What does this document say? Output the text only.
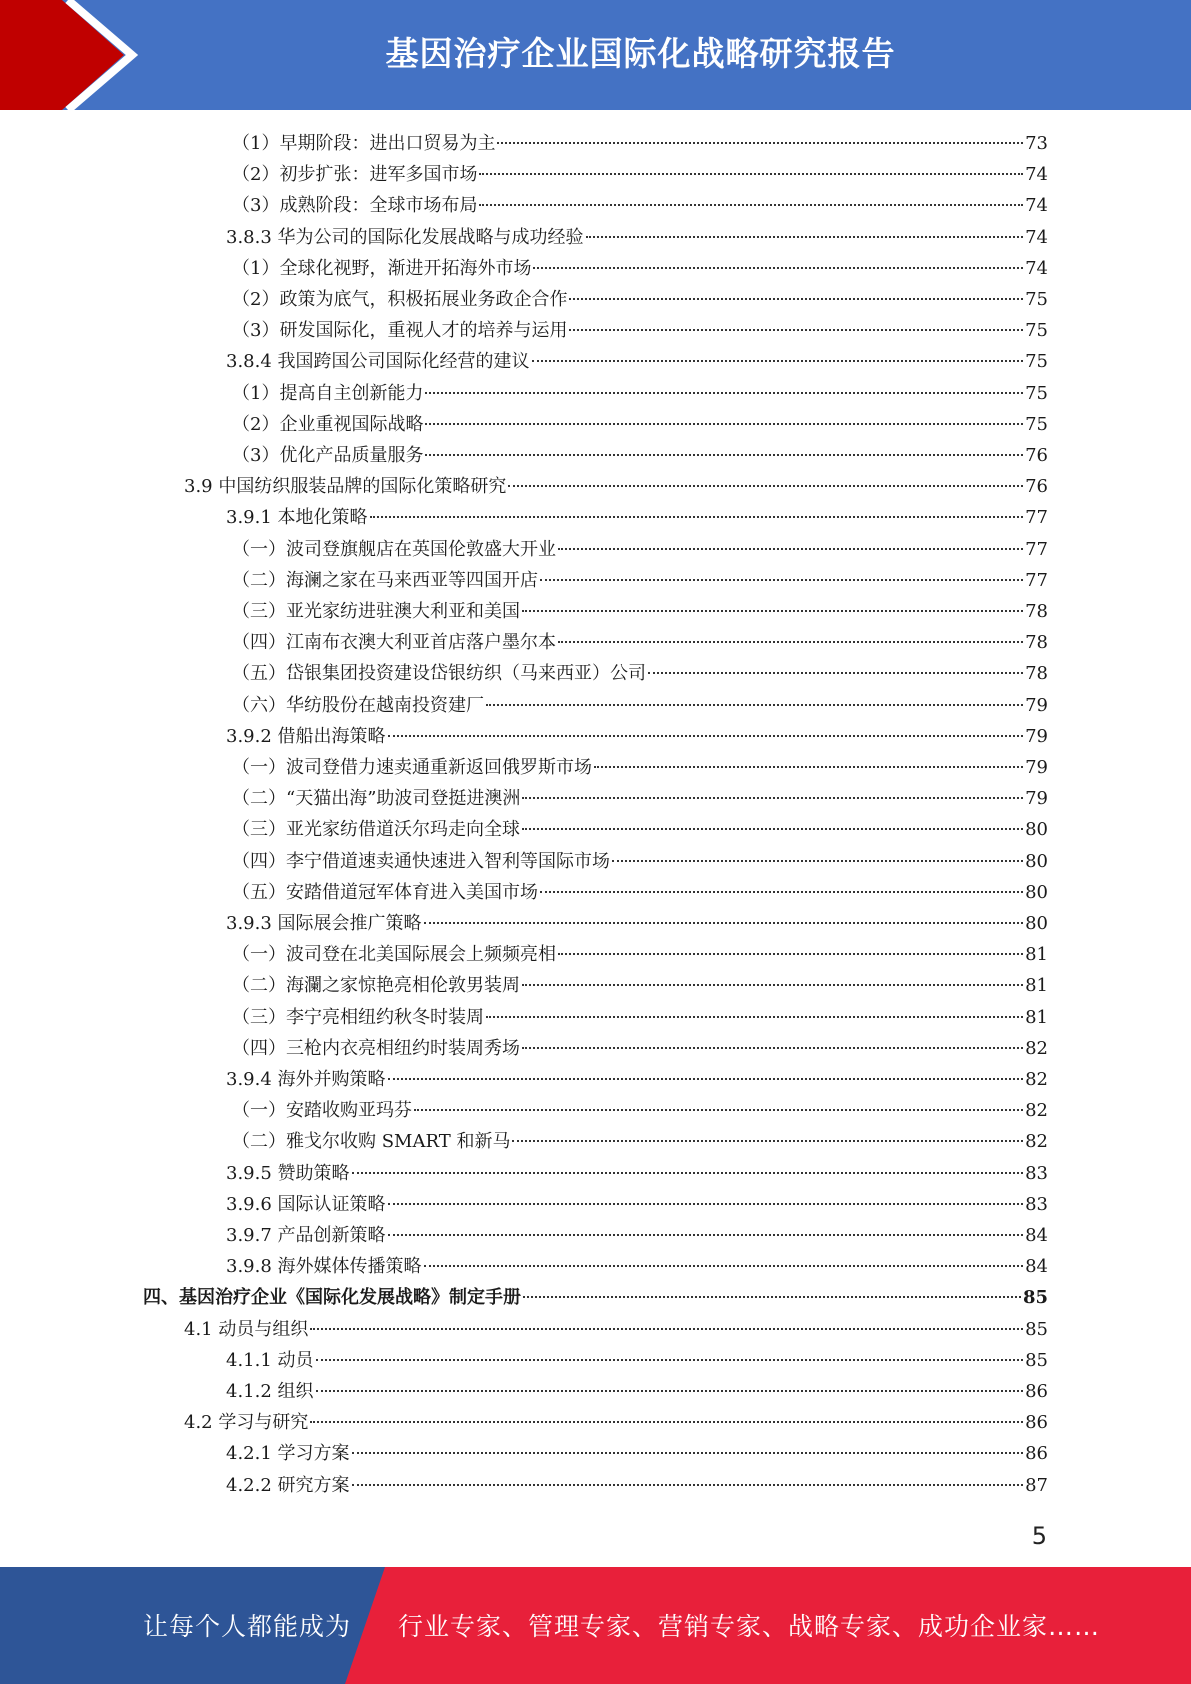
基因治疗企业国际化战略研究报告
（1）早期阶段：进出口贸易为主	73
（2）初步扩张：进军多国市场	74
（3）成熟阶段：全球市场布局	74
3.8.3 华为公司的国际化发展战略与成功经验	74
（1）全球化视野，渐进开拓海外市场	74
（2）政策为底气，积极拓展业务政企合作	75
（3）研发国际化，重视人才的培养与运用	75
3.8.4 我国跨国公司国际化经营的建议	75
（1）提高自主创新能力	75
（2）企业重视国际战略	75
（3）优化产品质量服务	76
3.9 中国纺织服装品牌的国际化策略研究	76
3.9.1 本地化策略	77
（一）波司登旗舰店在英国伦敦盛大开业	77
（二）海澜之家在马来西亚等四国开店	77
（三）亚光家纺进驻澳大利亚和美国	78
（四）江南布衣澳大利亚首店落户墨尔本	78
（五）岱银集团投资建设岱银纺织（马来西亚）公司	78
（六）华纺股份在越南投资建厂	79
3.9.2 借船出海策略	79
（一）波司登借力速卖通重新返回俄罗斯市场	79
（二）“天猫出海”助波司登挺进澳洲	79
（三）亚光家纺借道沃尔玛走向全球	80
（四）李宁借道速卖通快速进入智利等国际市场	80
（五）安踏借道冠军体育进入美国市场	80
3.9.3 国际展会推广策略	80
（一）波司登在北美国际展会上频频亮相	81
（二）海瀾之家惊艳亮相伦敦男装周	81
（三）李宁亮相纽约秋冬时装周	81
（四）三枪内衣亮相纽约时装周秀场	82
3.9.4 海外并购策略	82
（一）安踏收购亚玛芬	82
（二）雅戈尔收购 SMART 和新马	82
3.9.5 赞助策略	83
3.9.6 国际认证策略	83
3.9.7 产品创新策略	84
3.9.8 海外媒体传播策略	84
四、基因治疗企业《国际化发展战略》制定手册	85
4.1 动员与组织	85
4.1.1 动员	85
4.1.2 组织	86
4.2 学习与研究	86
4.2.1 学习方案	86
4.2.2 研究方案	87
5
让每个人都能成为 行业专家、管理专家、营销专家、战略专家、成功企业家……
